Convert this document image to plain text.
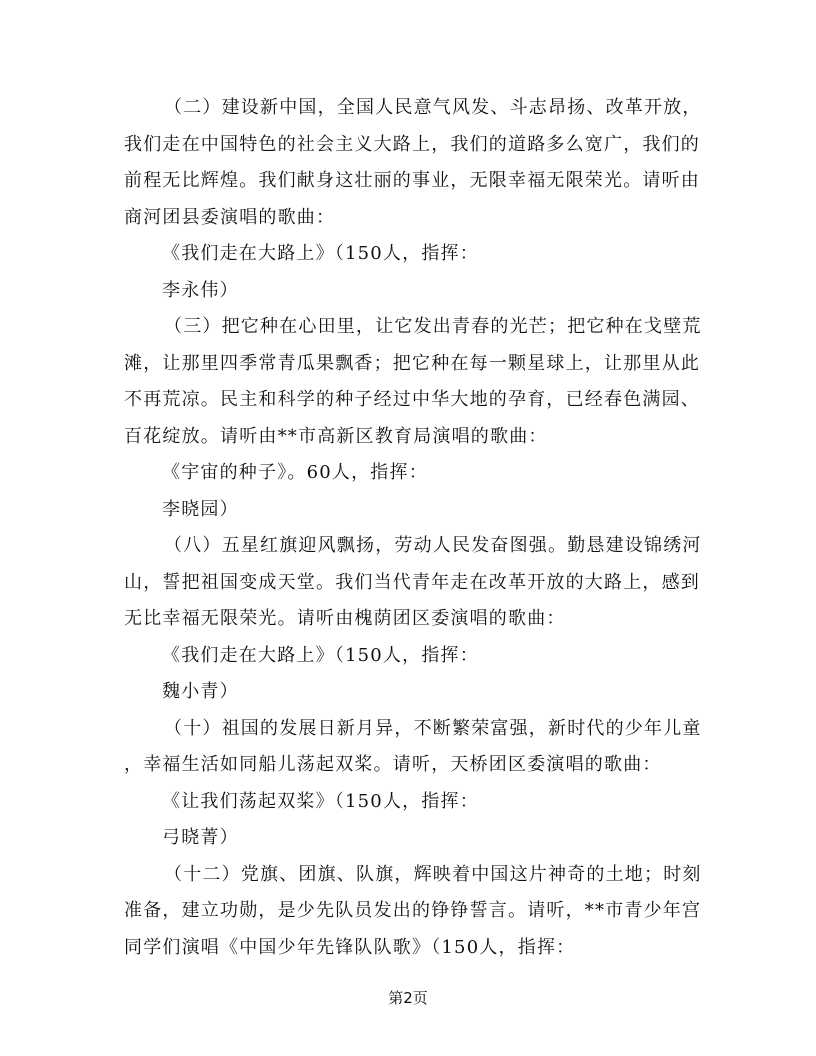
（二）建设新中国，全国人民意气风发、斗志昂扬、改革开放，
我们走在中国特色的社会主义大路上，我们的道路多么宽广，我们的
前程无比辉煌。我们献身这壮丽的事业，无限幸福无限荣光。请听由
商河团县委演唱的歌曲：
《我们走在大路上》（150人，指挥：
李永伟）
（三）把它种在心田里，让它发出青春的光芒；把它种在戈壁荒
滩，让那里四季常青瓜果飘香；把它种在每一颗星球上，让那里从此
不再荒凉。民主和科学的种子经过中华大地的孕育，已经春色满园、
百花绽放。请听由**市高新区教育局演唱的歌曲：
《宇宙的种子》。60人，指挥：
李晓园）
（八）五星红旗迎风飘扬，劳动人民发奋图强。勤恳建设锦绣河
山，誓把祖国变成天堂。我们当代青年走在改革开放的大路上，感到
无比幸福无限荣光。请听由槐荫团区委演唱的歌曲：
《我们走在大路上》（150人，指挥：
魏小青）
（十）祖国的发展日新月异，不断繁荣富强，新时代的少年儿童
，幸福生活如同船儿荡起双桨。请听，天桥团区委演唱的歌曲：
《让我们荡起双桨》（150人，指挥：
弓晓菁）
（十二）党旗、团旗、队旗，辉映着中国这片神奇的土地；时刻
准备，建立功勋，是少先队员发出的铮铮誓言。请听，**市青少年宫
同学们演唱《中国少年先锋队队歌》（150人，指挥：
第2页
